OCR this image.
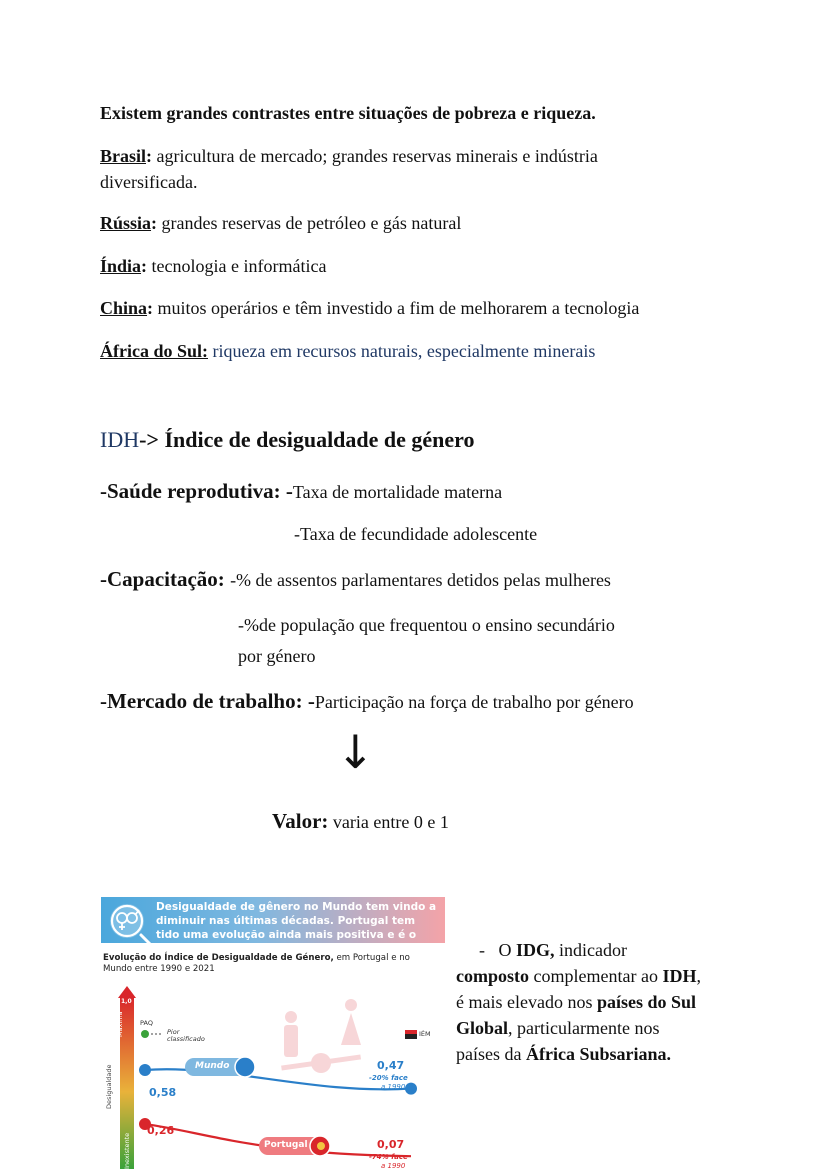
Existem grandes contrastes entre situações de pobreza e riqueza.
Brasil: agricultura de mercado; grandes reservas minerais e indústria
diversificada.
Rússia: grandes reservas de petróleo e gás natural
Índia: tecnologia e informática
China: muitos operários e têm investido a fim de melhorarem a tecnologia
África do Sul: riqueza em recursos naturais, especialmente minerais
IDH-> Índice de desigualdade de género
-Saúde reprodutiva: -Taxa de mortalidade materna
-Taxa de fecundidade adolescente
-Capacitação: -% de assentos parlamentares detidos pelas mulheres
-%de população que frequentou o ensino secundário
por género
-Mercado de trabalho: -Participação na força de trabalho por género
↓
Valor: varia entre 0 e 1
Desigualdade de gênero no Mundo tem vindo a diminuir nas últimas décadas. Portugal tem tido uma evolução ainda mais positiva e é o 15.º melhor país.
Evolução do Índice de Desigualdade de Género, em Portugal e no Mundo entre 1990 e 2021
1,0
Máxima
Desigualdade
Inexistente
PAQ
Pior
classificado
IÉM
Mundo
0,58
0,47
-20% face
a 1990
Portugal
0,26
0,07
-74% face
a 1990
- O IDG, indicador
composto complementar ao IDH,
é mais elevado nos países do Sul
Global, particularmente nos
países da África Subsariana.
